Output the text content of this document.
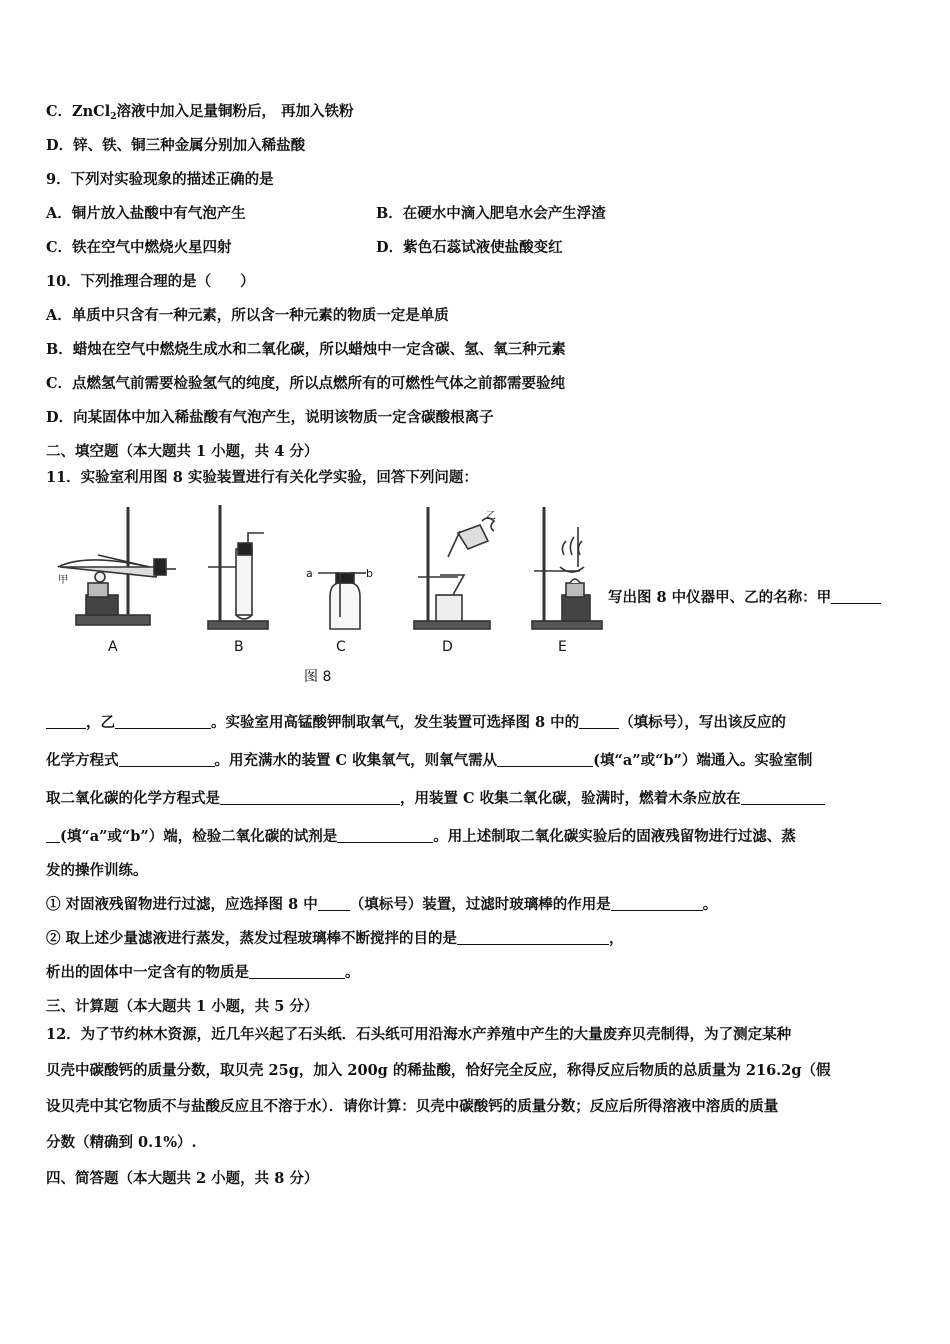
C．ZnCl$_2$溶液中加入足量铜粉后， 再加入铁粉
D．锌、铁、铜三种金属分别加入稀盐酸
9．下列对实验现象的描述正确的是
A．铜片放入盐酸中有气泡产生	B．在硬水中滴入肥皂水会产生浮渣
C．铁在空气中燃烧火星四射	D．紫色石蕊试液使盐酸变红
10．下列推理合理的是（　　）
A．单质中只含有一种元素，所以含一种元素的物质一定是单质
B．蜡烛在空气中燃烧生成水和二氧化碳，所以蜡烛中一定含碳、氢、氧三种元素
C．点燃氢气前需要检验氢气的纯度，所以点燃所有的可燃性气体之前都需要验纯
D．向某固体中加入稀盐酸有气泡产生，说明该物质一定含碳酸根离子
二、填空题（本大题共 1 小题，共 4 分）
11．实验室利用图 8 实验装置进行有关化学实验，回答下列问题：
甲
a	b
乙
A	B	C	D	E
图 8
写出图 8 中仪器甲、乙的名称：甲
，乙	。实验室用高锰酸钾制取氧气，发生装置可选择图 8 中的	（填标号），写出该反应的
化学方程式	。用充满水的装置 C 收集氧气，则氧气需从	(填“a”或“b”）端通入。实验室制
取二氧化碳的化学方程式是	，用装置 C 收集二氧化碳，验满时，燃着木条应放在
(填“a”或“b”）端，检验二氧化碳的试剂是	。用上述制取二氧化碳实验后的固液残留物进行过滤、蒸
发的操作训练。
① 对固液残留物进行过滤，应选择图 8 中 （填标号）装置，过滤时玻璃棒的作用是	。
② 取上述少量滤液进行蒸发，蒸发过程玻璃棒不断搅拌的目的是	，
析出的固体中一定含有的物质是	。
三、计算题（本大题共 1 小题，共 5 分）
12．为了节约林木资源，近几年兴起了石头纸．石头纸可用沿海水产养殖中产生的大量废弃贝壳制得，为了测定某种
贝壳中碳酸钙的质量分数，取贝壳 25g，加入 200g 的稀盐酸，恰好完全反应，称得反应后物质的总质量为 216.2g（假
设贝壳中其它物质不与盐酸反应且不溶于水）．请你计算：贝壳中碳酸钙的质量分数；反应后所得溶液中溶质的质量
分数（精确到 0.1%）.
四、简答题（本大题共 2 小题，共 8 分）
